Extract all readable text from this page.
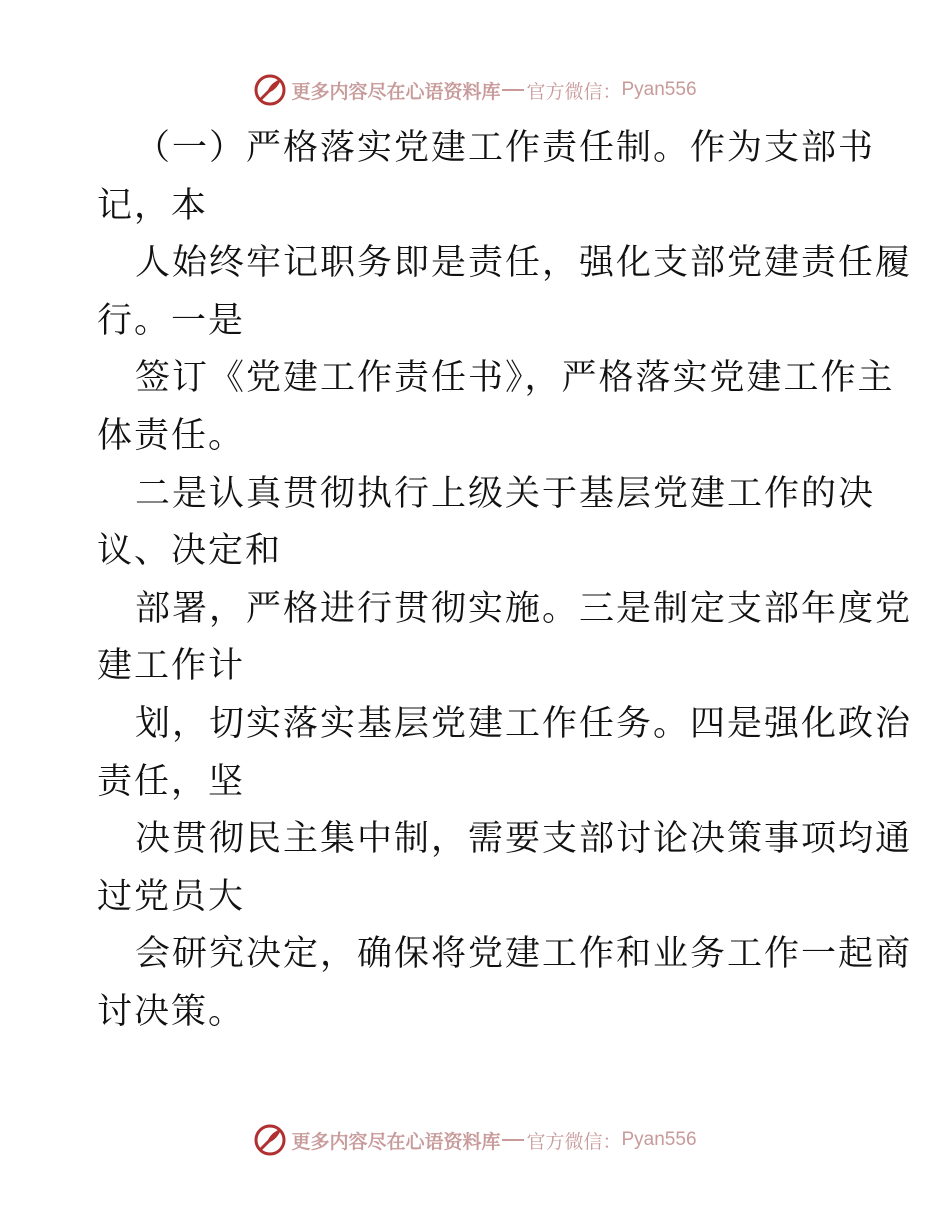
更多内容尽在心语资料库 官方微信： Pyan556
（一）严格落实党建工作责任制。作为支部书
记，本
人始终牢记职务即是责任，强化支部党建责任履
行。一是
签订《党建工作责任书》，严格落实党建工作主
体责任。
二是认真贯彻执行上级关于基层党建工作的决
议、决定和
部署，严格进行贯彻实施。三是制定支部年度党
建工作计
划，切实落实基层党建工作任务。四是强化政治
责任，坚
决贯彻民主集中制，需要支部讨论决策事项均通
过党员大
会研究决定，确保将党建工作和业务工作一起商
讨决策。
更多内容尽在心语资料库 官方微信： Pyan556
